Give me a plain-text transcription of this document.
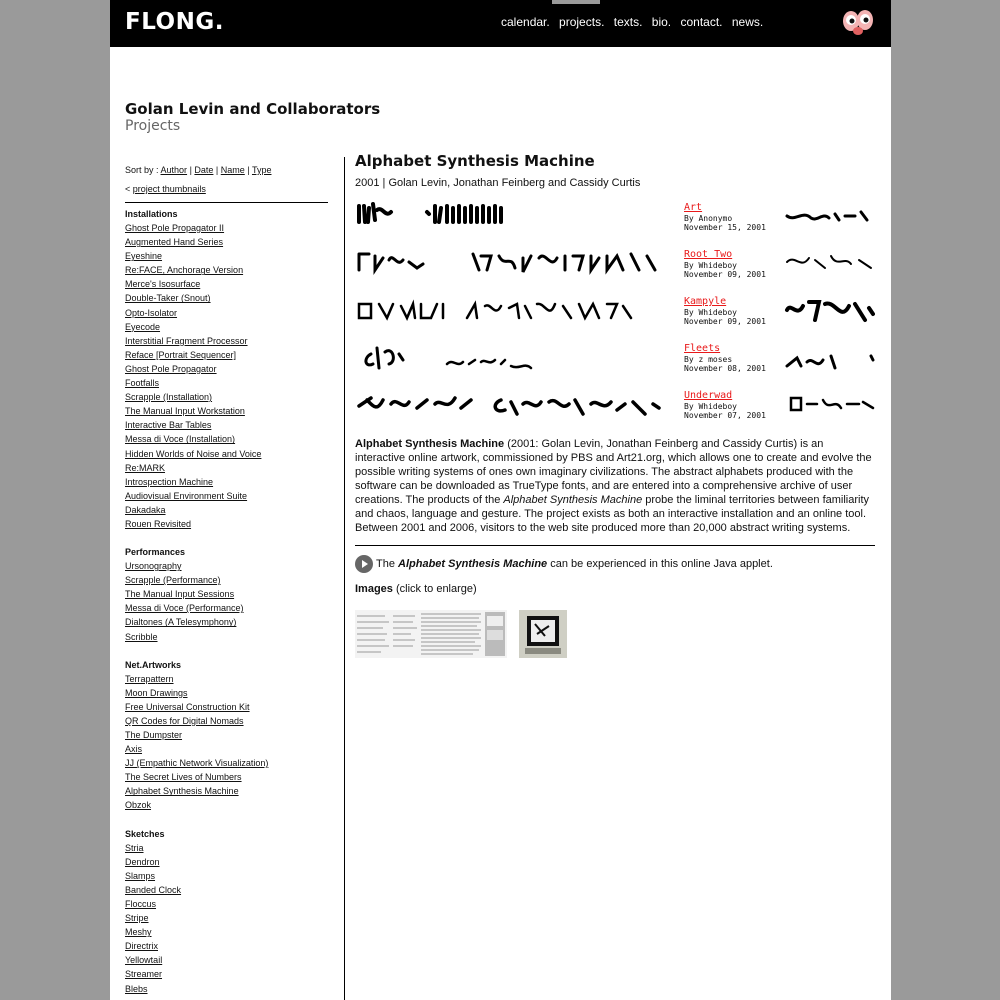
FLONG.	calendar. projects. texts. bio. contact. news.
Golan Levin and Collaborators
Projects
Sort by : Author | Date | Name | Type
< project thumbnails
Installations
Ghost Pole Propagator II
Augmented Hand Series
Eyeshine
Re:FACE, Anchorage Version
Merce's Isosurface
Double-Taker (Snout)
Opto-Isolator
Eyecode
Interstitial Fragment Processor
Reface [Portrait Sequencer]
Ghost Pole Propagator
Footfalls
Scrapple (Installation)
The Manual Input Workstation
Interactive Bar Tables
Messa di Voce (Installation)
Hidden Worlds of Noise and Voice
Re:MARK
Introspection Machine
Audiovisual Environment Suite
Dakadaka
Rouen Revisited
Performances
Ursonography
Scrapple (Performance)
The Manual Input Sessions
Messa di Voce (Performance)
Dialtones (A Telesymphony)
Scribble
Net.Artworks
Terrapattern
Moon Drawings
Free Universal Construction Kit
QR Codes for Digital Nomads
The Dumpster
Axis
JJ (Empathic Network Visualization)
The Secret Lives of Numbers
Alphabet Synthesis Machine
Obzok
Sketches
Stria
Dendron
Slamps
Banded Clock
Floccus
Stripe
Meshy
Directrix
Yellowtail
Streamer
Blebs
Alphabet Synthesis Machine
2001 | Golan Levin, Jonathan Feinberg and Cassidy Curtis
Art
By Anonymo
November 15, 2001
Root Two
By Whideboy
November 09, 2001
Kampyle
By Whideboy
November 09, 2001
Fleets
By z moses
November 08, 2001
Underwad
By Whideboy
November 07, 2001
Alphabet Synthesis Machine (2001: Golan Levin, Jonathan Feinberg and Cassidy Curtis) is an interactive online artwork, commissioned by PBS and Art21.org, which allows one to create and evolve the possible writing systems of ones own imaginary civilizations. The abstract alphabets produced with the software can be downloaded as TrueType fonts, and are entered into a comprehensive archive of user creations. The products of the Alphabet Synthesis Machine probe the liminal territories between familiarity and chaos, language and gesture. The project exists as both an interactive installation and an online tool. Between 2001 and 2006, visitors to the web site produced more than 20,000 abstract writing systems.
The Alphabet Synthesis Machine can be experienced in this online Java applet.
Images (click to enlarge)
